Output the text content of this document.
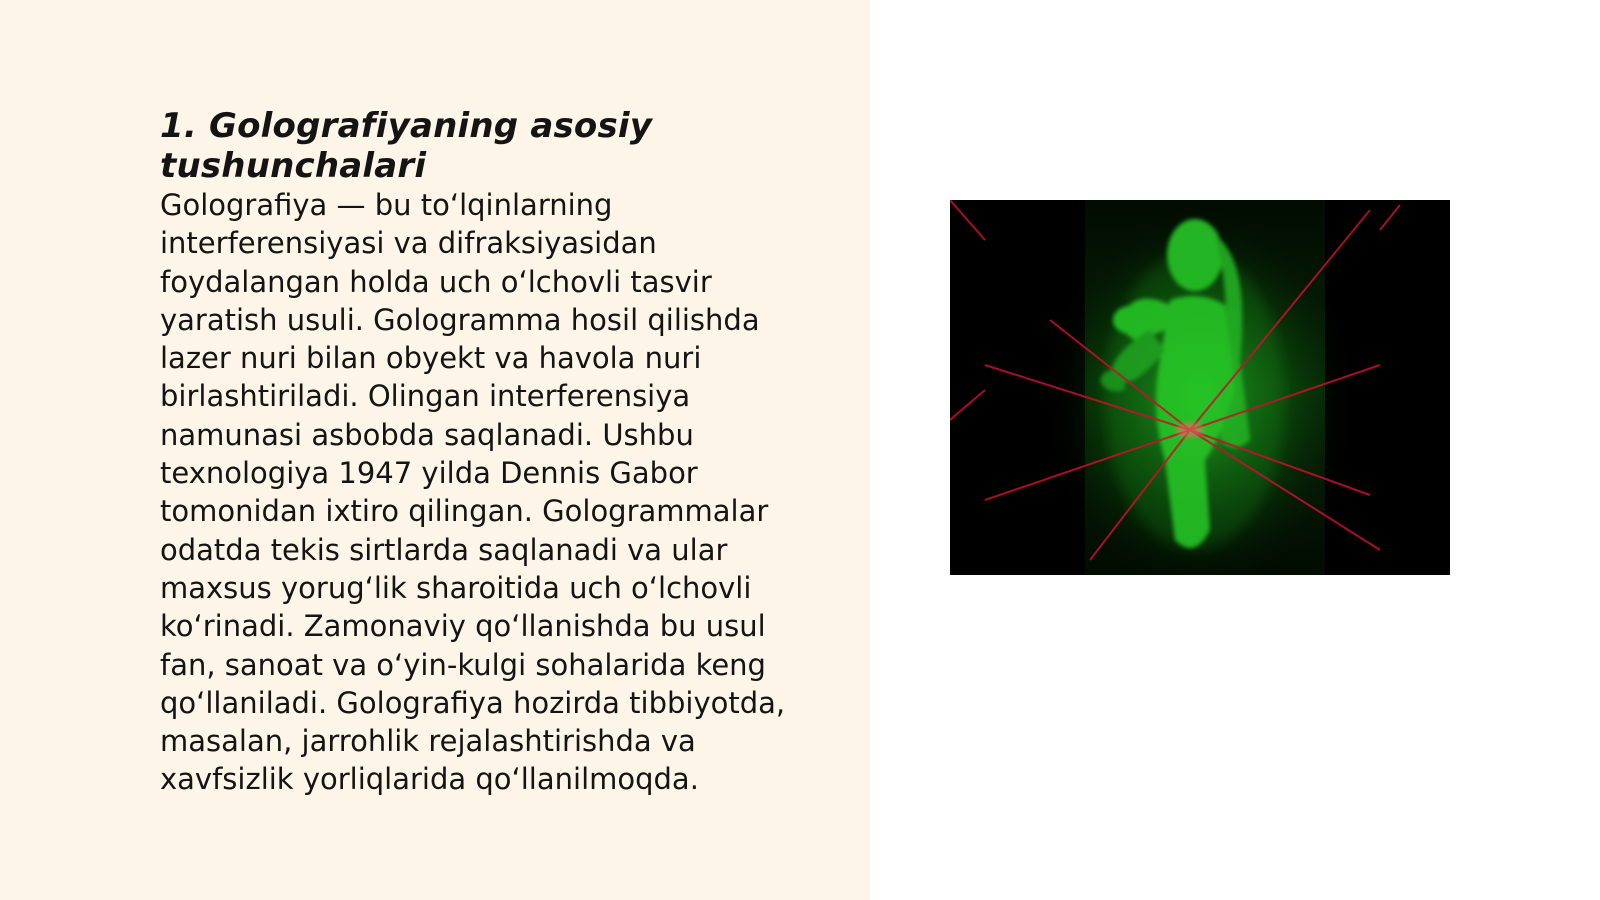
1. Golografiyaning asosiy tushunchalari

Golografiya — bu toʻlqinlarning interferensiyasi va difraksiyasidan foydalangan holda uch oʻlchovli tasvir yaratish usuli. Gologramma hosil qilishda lazer nuri bilan obyekt va havola nuri birlashtiriladi. Olingan interferensiya namunasi asbobda saqlanadi. Ushbu texnologiya 1947 yilda Dennis Gabor tomonidan ixtiro qilingan. Gologrammalar odatda tekis sirtlarda saqlanadi va ular maxsus yorugʻlik sharoitida uch oʻlchovli koʻrinadi. Zamonaviy qoʻllanishda bu usul fan, sanoat va oʻyin-kulgi sohalarida keng qoʻllaniladi. Golografiya hozirda tibbiyotda, masalan, jarrohlik rejalashtirishda va xavfsizlik yorliqlarida qoʻllanilmoqda.
